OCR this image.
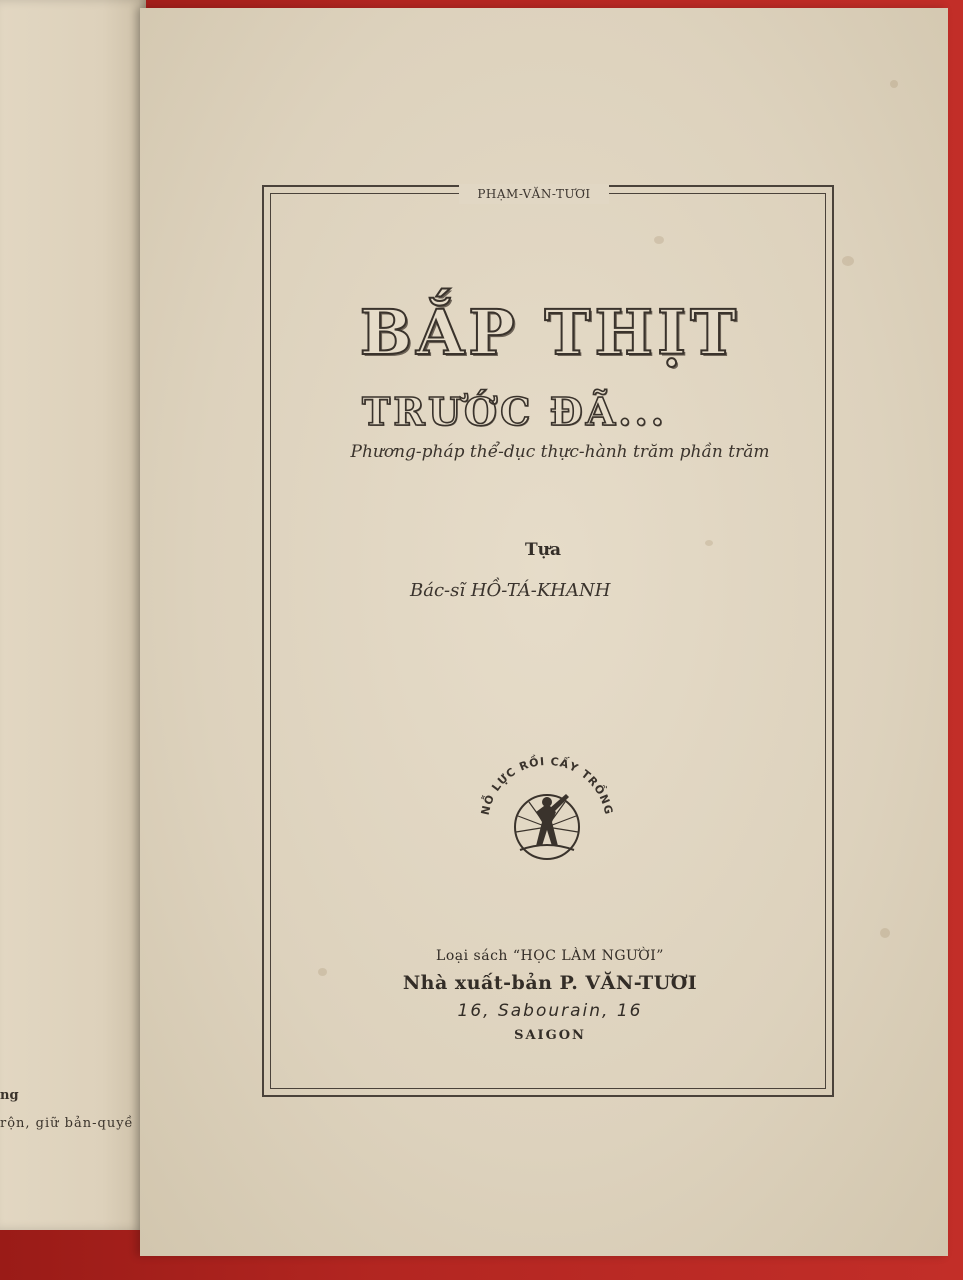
ng
rộn, giữ bản-quyề
PHẠM-VĂN-TƯƠI
BẮP THỊT
TRƯỚC ĐÃ...
Phương-pháp thể-dục thực-hành trăm phần trăm
Tựa
Bác-sĩ HỒ-TÁ-KHANH
NỖ LỰC RỒI CẤY TRỒNG
Loại sách “HỌC LÀM NGƯỜI”
Nhà xuất-bản P. VĂN-TƯƠI
16, Sabourain, 16
SAIGON
